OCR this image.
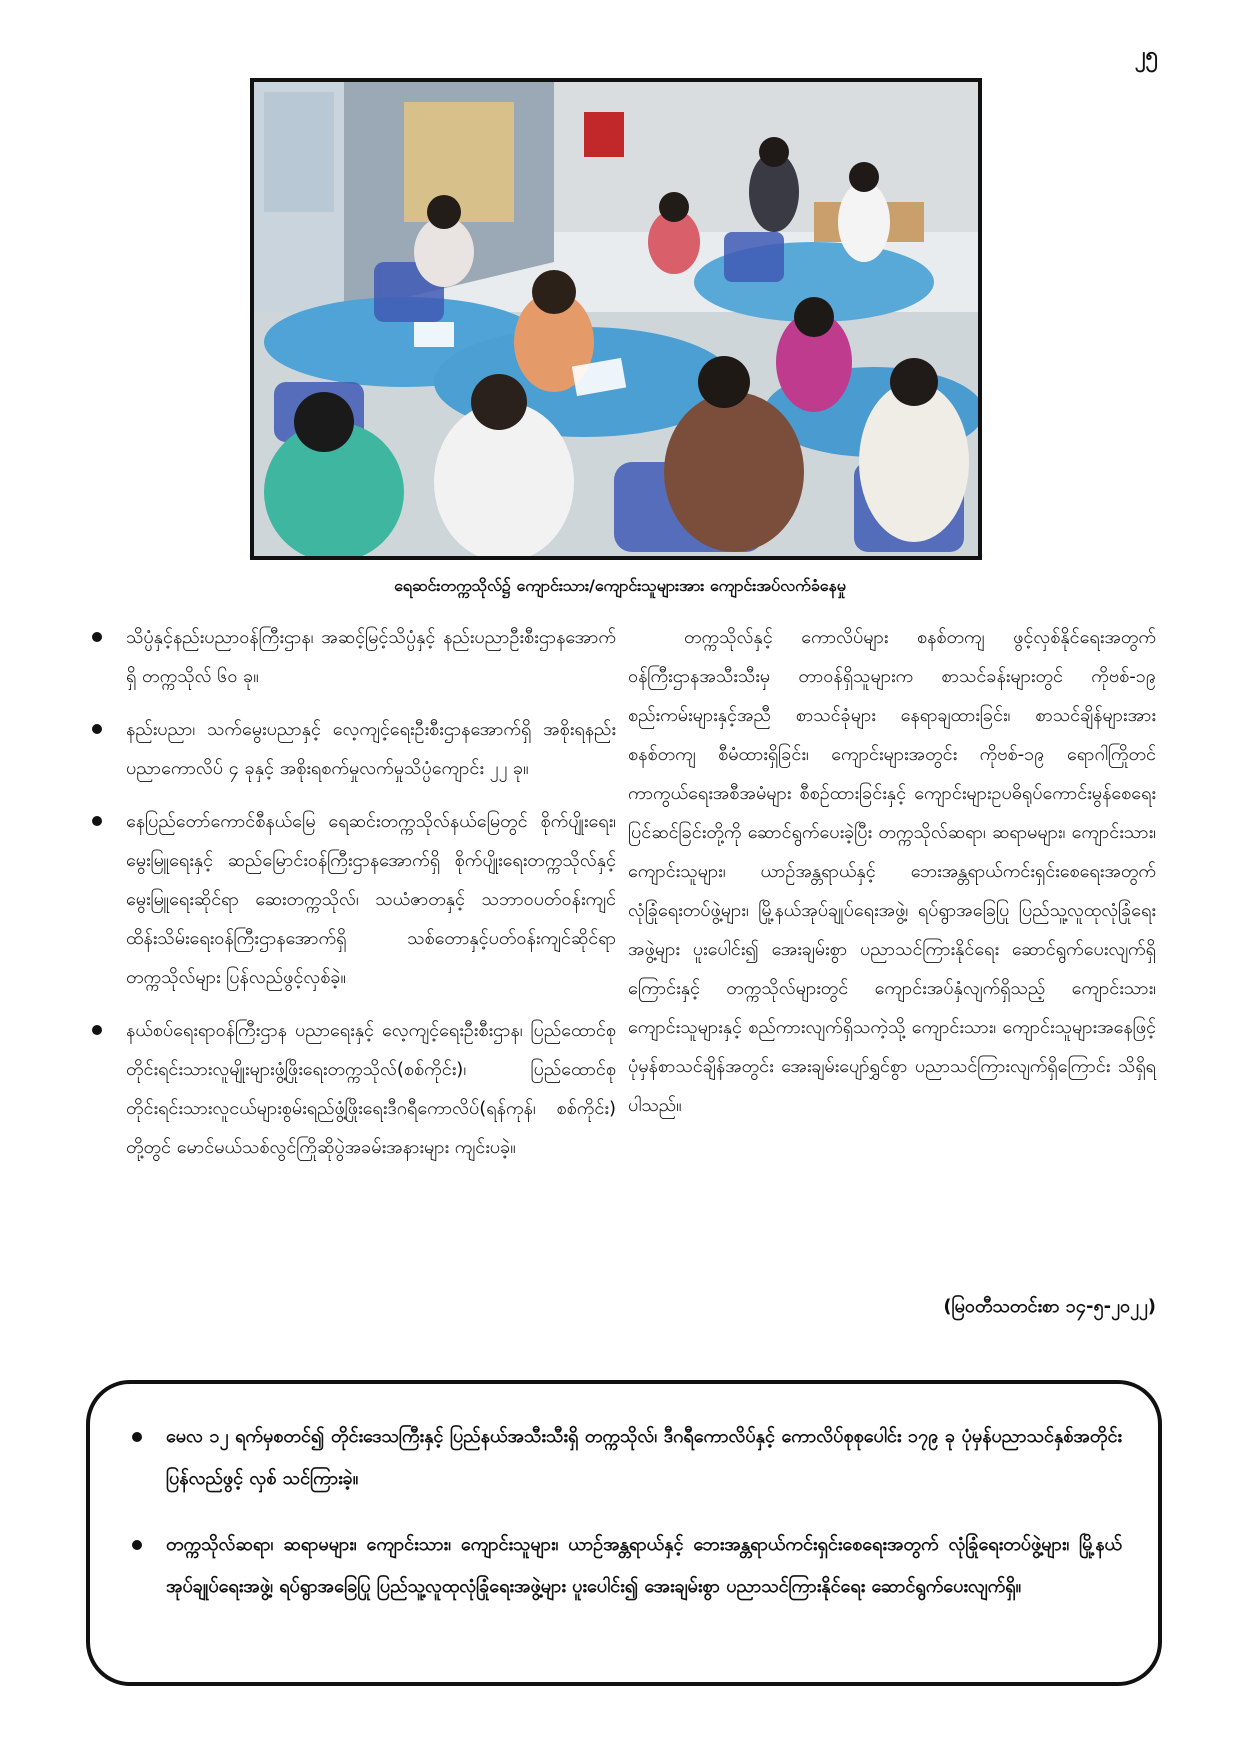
၂၅
ရေဆင်းတက္ကသိုလ်၌ ကျောင်းသား/ကျောင်းသူများအား ကျောင်းအပ်လက်ခံနေမှု
သိပ္ပံနှင့်နည်းပညာဝန်ကြီးဌာန၊ အဆင့်မြင့်သိပ္ပံနှင့် နည်းပညာဦးစီးဌာနအောက်ရှိ တက္ကသိုလ် ၆၀ ခု။
နည်းပညာ၊ သက်မွေးပညာနှင့် လေ့ကျင့်ရေးဦးစီးဌာနအောက်ရှိ အစိုးရနည်းပညာကောလိပ် ၄ ခုနှင့် အစိုးရစက်မှုလက်မှုသိပ္ပံကျောင်း ၂၂ ခု။
နေပြည်တော်ကောင်စီနယ်မြေ ရေဆင်းတက္ကသိုလ်နယ်မြေတွင် စိုက်ပျိုးရေး၊ မွေးမြူရေးနှင့် ဆည်မြောင်းဝန်ကြီးဌာနအောက်ရှိ စိုက်ပျိုးရေးတက္ကသိုလ်နှင့် မွေးမြူရေးဆိုင်ရာ ဆေးတက္ကသိုလ်၊ သယံဇာတနှင့် သဘာဝပတ်ဝန်းကျင်ထိန်းသိမ်းရေးဝန်ကြီးဌာနအောက်ရှိ သစ်တောနှင့်ပတ်ဝန်းကျင်ဆိုင်ရာတက္ကသိုလ်များ ပြန်လည်ဖွင့်လှစ်ခဲ့။
နယ်စပ်ရေးရာဝန်ကြီးဌာန ပညာရေးနှင့် လေ့ကျင့်ရေးဦးစီးဌာန၊ ပြည်ထောင်စုတိုင်းရင်းသားလူမျိုးများဖွံ့ဖြိုးရေးတက္ကသိုလ်(စစ်ကိုင်း)၊ ပြည်ထောင်စုတိုင်းရင်းသားလူငယ်များစွမ်းရည်ဖွံ့ဖြိုးရေးဒီဂရီကောလိပ်(ရန်ကုန်၊ စစ်ကိုင်း) တို့တွင် မောင်မယ်သစ်လွင်ကြိုဆိုပွဲအခမ်းအနားများ ကျင်းပခဲ့။

တက္ကသိုလ်နှင့် ကောလိပ်များ စနစ်တကျ ဖွင့်လှစ်နိုင်ရေးအတွက် ဝန်ကြီးဌာနအသီးသီးမှ တာဝန်ရှိသူများက စာသင်ခန်းများတွင် ကိုဗစ်-၁၉ စည်းကမ်းများနှင့်အညီ စာသင်ခုံများ နေရာချထားခြင်း၊ စာသင်ချိန်များအား စနစ်တကျ စီမံထားရှိခြင်း၊ ကျောင်းများအတွင်း ကိုဗစ်-၁၉ ရောဂါကြိုတင်ကာကွယ်ရေးအစီအမံများ စီစဉ်ထားခြင်းနှင့် ကျောင်းများဥပဓိရုပ်ကောင်းမွန်စေရေး ပြင်ဆင်ခြင်းတို့ကို ဆောင်ရွက်ပေးခဲ့ပြီး တက္ကသိုလ်ဆရာ၊ ဆရာမများ၊ ကျောင်းသား၊ ကျောင်းသူများ၊ ယာဉ်အန္တရာယ်နှင့် ဘေးအန္တရာယ်ကင်းရှင်းစေရေးအတွက် လုံခြုံရေးတပ်ဖွဲ့များ၊ မြို့နယ်အုပ်ချုပ်ရေးအဖွဲ့၊ ရပ်ရွာအခြေပြု ပြည်သူ့လူထုလုံခြုံရေးအဖွဲ့များ ပူးပေါင်း၍ အေးချမ်းစွာ ပညာသင်ကြားနိုင်ရေး ဆောင်ရွက်ပေးလျက်ရှိကြောင်းနှင့် တက္ကသိုလ်များတွင် ကျောင်းအပ်နှံလျက်ရှိသည့် ကျောင်းသား၊ ကျောင်းသူများနှင့် စည်ကားလျက်ရှိသကဲ့သို့ ကျောင်းသား၊ ကျောင်းသူများအနေဖြင့် ပုံမှန်စာသင်ချိန်အတွင်း အေးချမ်းပျော်ရွှင်စွာ ပညာသင်ကြားလျက်ရှိကြောင်း သိရှိရပါသည်။

(မြဝတီသတင်းစာ ၁၄-၅-၂၀၂၂)
မေလ ၁၂ ရက်မှစတင်၍ တိုင်းဒေသကြီးနှင့် ပြည်နယ်အသီးသီးရှိ တက္ကသိုလ်၊ ဒီဂရီကောလိပ်နှင့် ကောလိပ်စုစုပေါင်း ၁၇၉ ခု ပုံမှန်ပညာသင်နှစ်အတိုင်း ပြန်လည်ဖွင့် လှစ် သင်ကြားခဲ့။
တက္ကသိုလ်ဆရာ၊ ဆရာမများ၊ ကျောင်းသား၊ ကျောင်းသူများ၊ ယာဉ်အန္တရာယ်နှင့် ဘေးအန္တရာယ်ကင်းရှင်းစေရေးအတွက် လုံခြုံရေးတပ်ဖွဲ့များ၊ မြို့နယ်အုပ်ချုပ်ရေးအဖွဲ့၊ ရပ်ရွာအခြေပြု ပြည်သူ့လူထုလုံခြုံရေးအဖွဲ့များ ပူးပေါင်း၍ အေးချမ်းစွာ ပညာသင်ကြားနိုင်ရေး ဆောင်ရွက်ပေးလျက်ရှိ။
